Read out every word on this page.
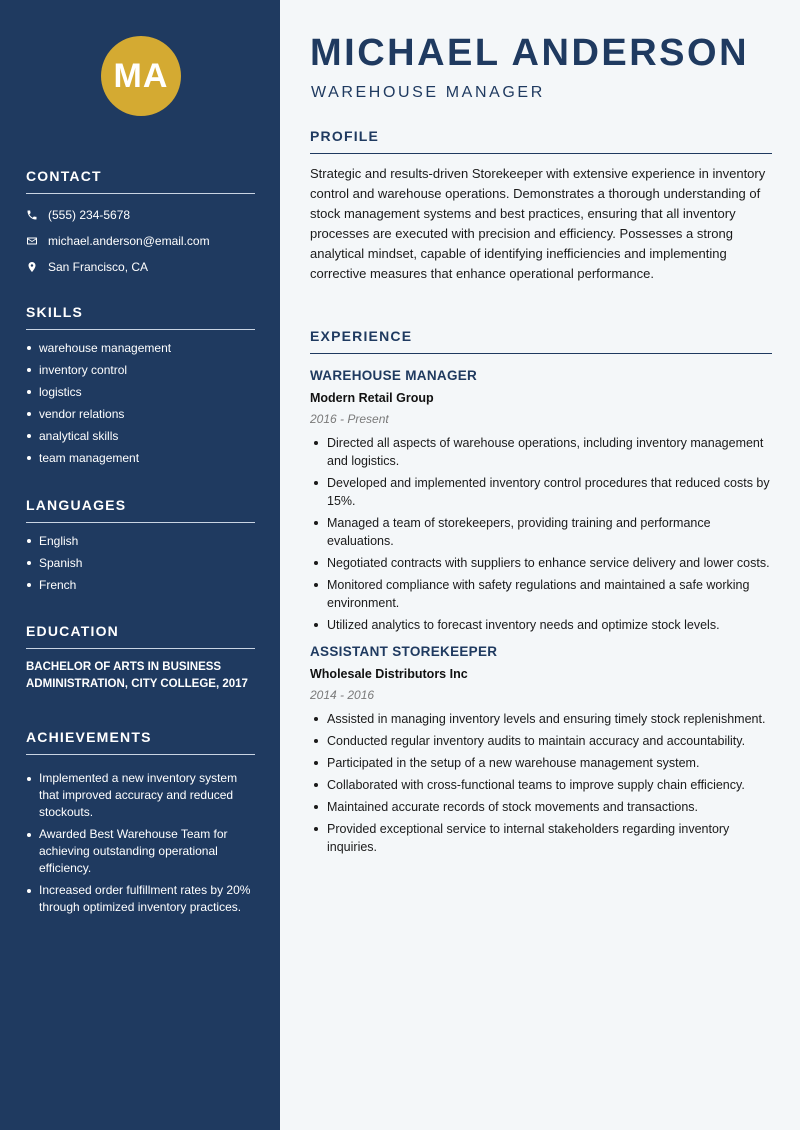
MA
CONTACT
(555) 234-5678
michael.anderson@email.com
San Francisco, CA
SKILLS
warehouse management
inventory control
logistics
vendor relations
analytical skills
team management
LANGUAGES
English
Spanish
French
EDUCATION
BACHELOR OF ARTS IN BUSINESS
ADMINISTRATION, CITY COLLEGE, 2017
ACHIEVEMENTS
Implemented a new inventory system that improved accuracy and reduced stockouts.
Awarded Best Warehouse Team for achieving outstanding operational efficiency.
Increased order fulfillment rates by 20% through optimized inventory practices.
MICHAEL ANDERSON
WAREHOUSE MANAGER
PROFILE

Strategic and results-driven Storekeeper with extensive experience in inventory control and warehouse operations. Demonstrates a thorough understanding of stock management systems and best practices, ensuring that all inventory processes are executed with precision and efficiency. Possesses a strong analytical mindset, capable of identifying inefficiencies and implementing corrective measures that enhance operational performance.

EXPERIENCE
WAREHOUSE MANAGER
Modern Retail Group
2016 - Present
Directed all aspects of warehouse operations, including inventory management and logistics.
Developed and implemented inventory control procedures that reduced costs by 15%.
Managed a team of storekeepers, providing training and performance evaluations.
Negotiated contracts with suppliers to enhance service delivery and lower costs.
Monitored compliance with safety regulations and maintained a safe working environment.
Utilized analytics to forecast inventory needs and optimize stock levels.
ASSISTANT STOREKEEPER
Wholesale Distributors Inc
2014 - 2016
Assisted in managing inventory levels and ensuring timely stock replenishment.
Conducted regular inventory audits to maintain accuracy and accountability.
Participated in the setup of a new warehouse management system.
Collaborated with cross-functional teams to improve supply chain efficiency.
Maintained accurate records of stock movements and transactions.
Provided exceptional service to internal stakeholders regarding inventory inquiries.
